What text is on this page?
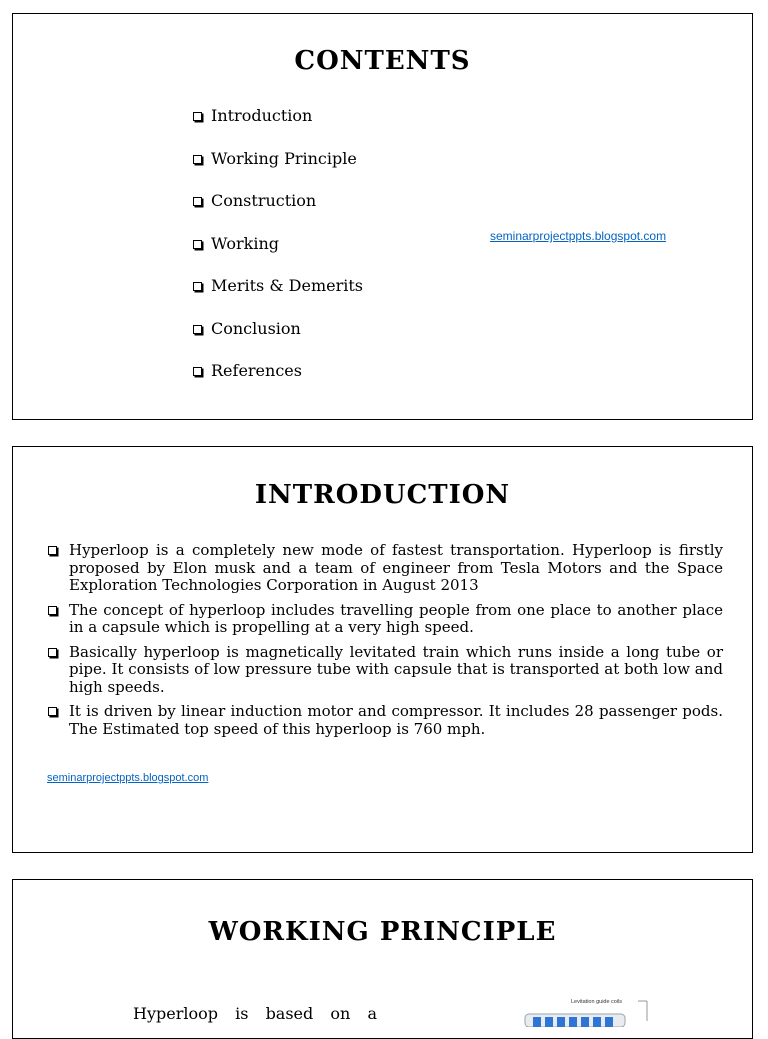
CONTENTS
Introduction
Working Principle
Construction
Working
Merits & Demerits
Conclusion
References
seminarprojectppts.blogspot.com
INTRODUCTION
Hyperloop is a completely new mode of fastest transportation. Hyperloop is firstly proposed by Elon musk and a team of engineer from Tesla Motors and the Space Exploration Technologies Corporation in August 2013
The concept of hyperloop includes travelling people from one place to another place in a capsule which is propelling at a very high speed.
Basically hyperloop is magnetically levitated train which runs inside a long tube or pipe. It consists of low pressure tube with capsule that is transported at both low and high speeds.
It is driven by linear induction motor and compressor. It includes 28 passenger pods. The Estimated top speed of this hyperloop is 760 mph.
seminarprojectppts.blogspot.com
WORKING PRINCIPLE

Hyperloop is based on a

Levitation guide coils
